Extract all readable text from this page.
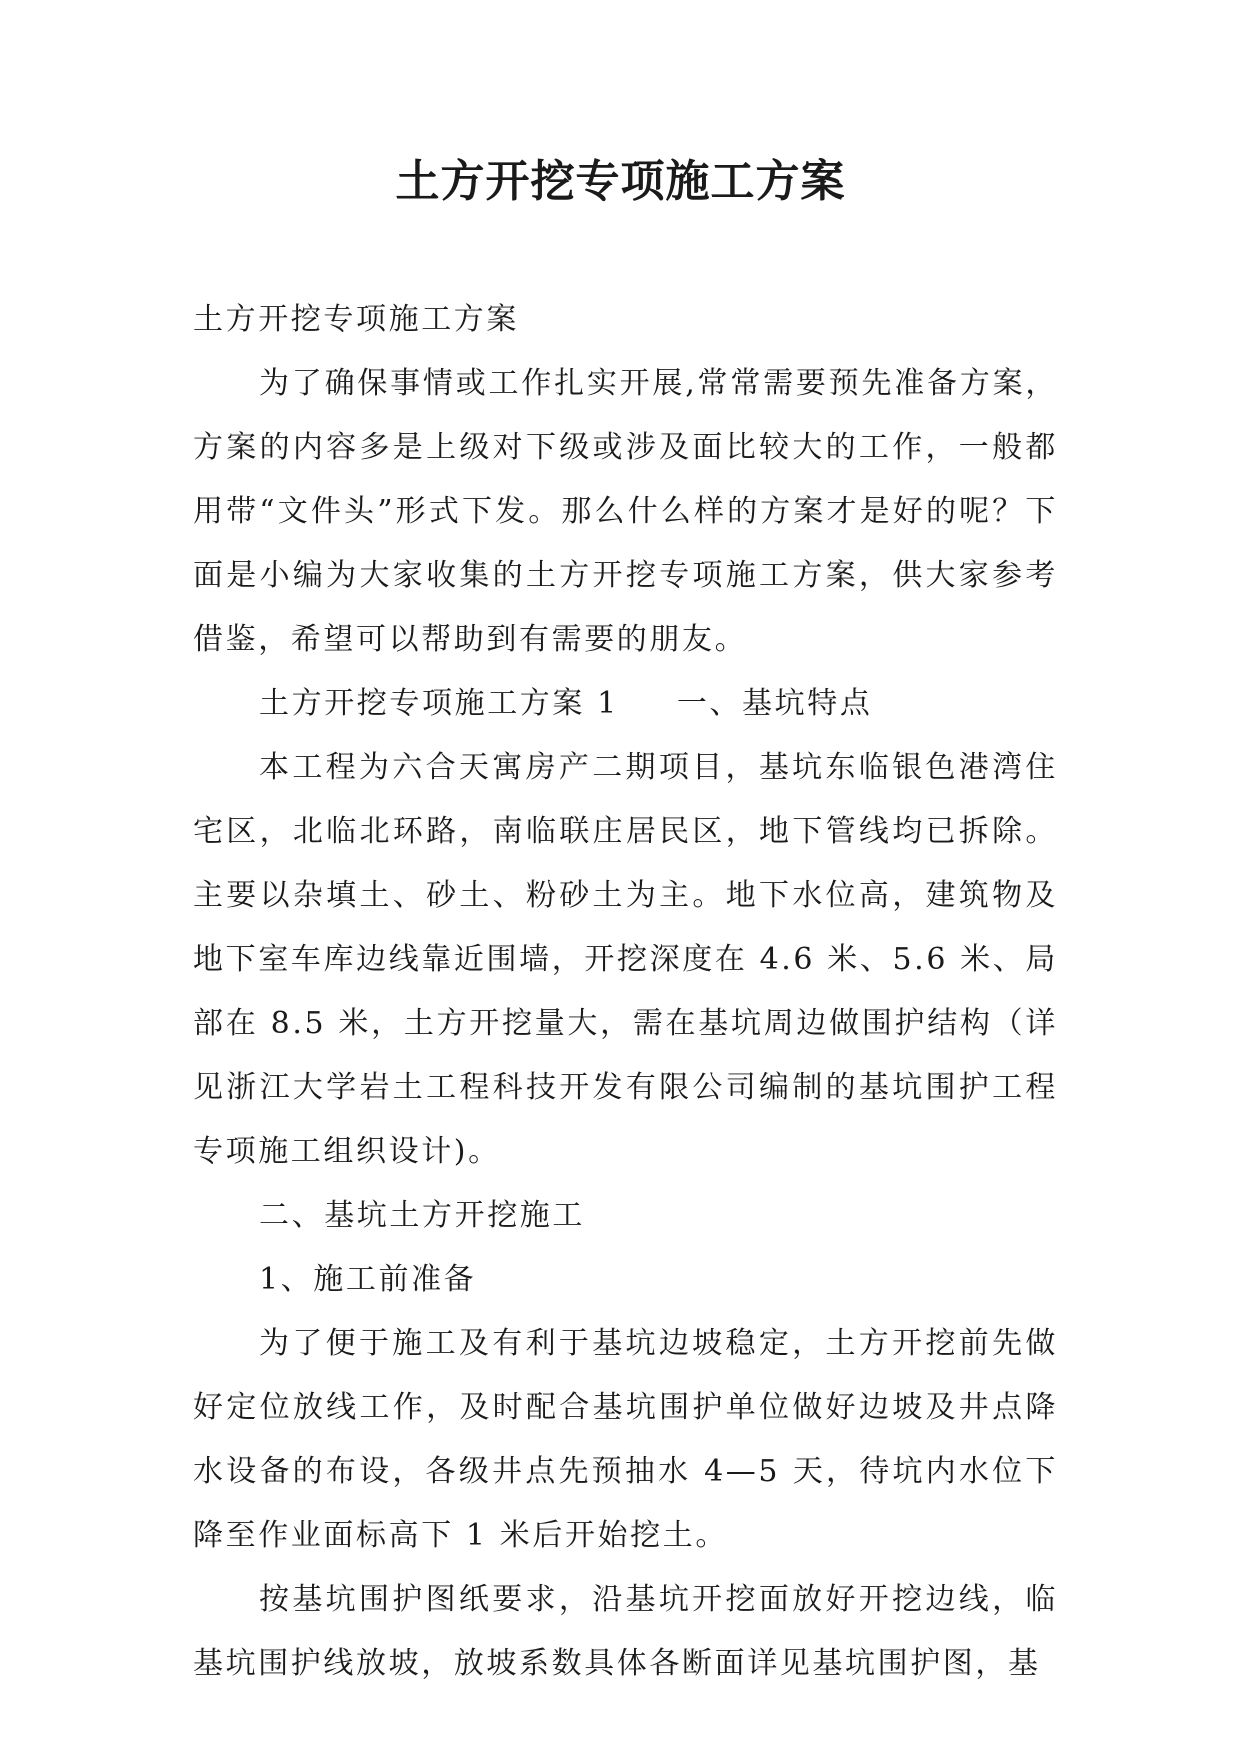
土方开挖专项施工方案

土方开挖专项施工方案

为了确保事情或工作扎实开展,常常需要预先准备方案，方案的内容多是上级对下级或涉及面比较大的工作，一般都用带“文件头”形式下发。那么什么样的方案才是好的呢？下面是小编为大家收集的土方开挖专项施工方案，供大家参考借鉴，希望可以帮助到有需要的朋友。

土方开挖专项施工方案 1 一、基坑特点

本工程为六合天寓房产二期项目，基坑东临银色港湾住宅区，北临北环路，南临联庄居民区，地下管线均已拆除。主要以杂填土、砂土、粉砂土为主。地下水位高，建筑物及地下室车库边线靠近围墙，开挖深度在 4.6 米、5.6 米、局部在 8.5 米，土方开挖量大，需在基坑周边做围护结构（详见浙江大学岩土工程科技开发有限公司编制的基坑围护工程专项施工组织设计)。

二、基坑土方开挖施工

1、施工前准备

为了便于施工及有利于基坑边坡稳定，土方开挖前先做好定位放线工作，及时配合基坑围护单位做好边坡及井点降水设备的布设，各级井点先预抽水 4—5 天，待坑内水位下降至作业面标高下 1 米后开始挖土。

按基坑围护图纸要求，沿基坑开挖面放好开挖边线，临基坑围护线放坡，放坡系数具体各断面详见基坑围护图，基
